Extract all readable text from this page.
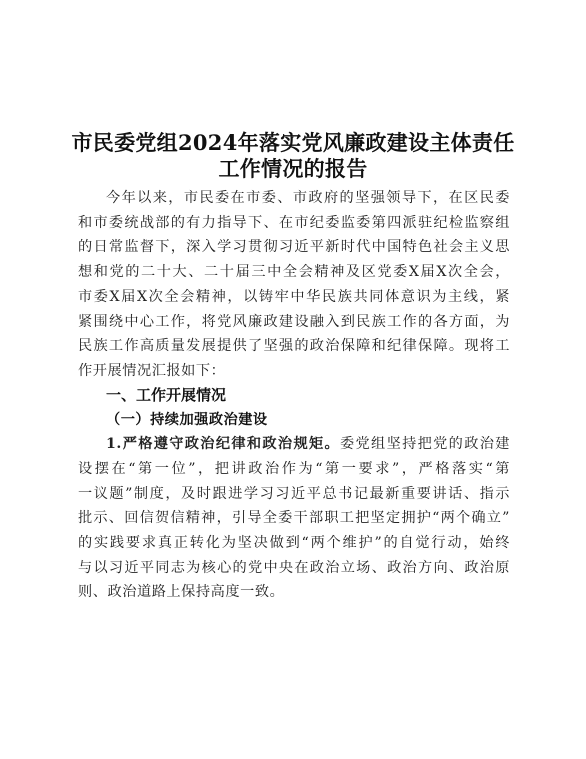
市民委党组2024年落实党风廉政建设主体责任
工作情况的报告
今年以来，市民委在市委、市政府的坚强领导下，在区民委
和市委统战部的有力指导下、在市纪委监委第四派驻纪检监察组
的日常监督下，深入学习贯彻习近平新时代中国特色社会主义思
想和党的二十大、二十届三中全会精神及区党委X届X次全会，
市委X届X次全会精神，以铸牢中华民族共同体意识为主线，紧
紧围绕中心工作，将党风廉政建设融入到民族工作的各方面，为
民族工作高质量发展提供了坚强的政治保障和纪律保障。现将工
作开展情况汇报如下：
一、工作开展情况
（一）持续加强政治建设
1.严格遵守政治纪律和政治规矩。委党组坚持把党的政治建
设摆在“第一位”，把讲政治作为“第一要求”，严格落实“第
一议题”制度，及时跟进学习习近平总书记最新重要讲话、指示
批示、回信贺信精神，引导全委干部职工把坚定拥护“两个确立”
的实践要求真正转化为坚决做到“两个维护”的自觉行动，始终
与以习近平同志为核心的党中央在政治立场、政治方向、政治原
则、政治道路上保持高度一致。
